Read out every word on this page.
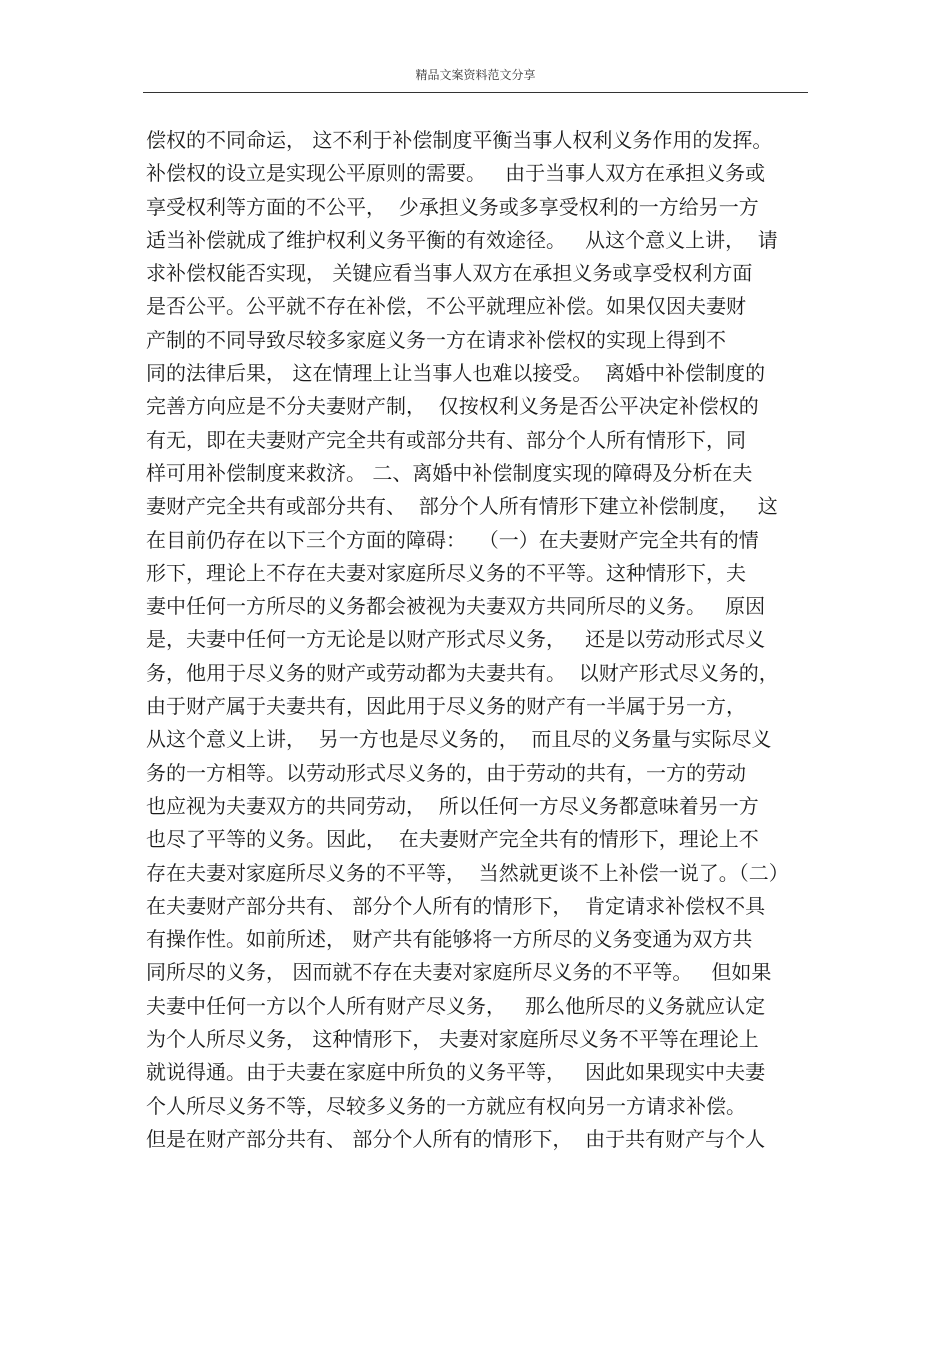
精品文案资料范文分享
偿权的不同命运， 这不利于补偿制度平衡当事人权利义务作用的发挥。
补偿权的设立是实现公平原则的需要。   由于当事人双方在承担义务或
享受权利等方面的不公平，  少承担义务或多享受权利的一方给另一方
适当补偿就成了维护权利义务平衡的有效途径。   从这个意义上讲，  请
求补偿权能否实现， 关键应看当事人双方在承担义务或享受权利方面
是否公平。公平就不存在补偿，不公平就理应补偿。如果仅因夫妻财
产制的不同导致尽较多家庭义务一方在请求补偿权的实现上得到不
同的法律后果， 这在情理上让当事人也难以接受。  离婚中补偿制度的
完善方向应是不分夫妻财产制，  仅按权利义务是否公平决定补偿权的
有无，即在夫妻财产完全共有或部分共有、部分个人所有情形下，同
样可用补偿制度来救济。 二、离婚中补偿制度实现的障碍及分析在夫
妻财产完全共有或部分共有、  部分个人所有情形下建立补偿制度，   这
在目前仍存在以下三个方面的障碍：  （一）在夫妻财产完全共有的情
形下，理论上不存在夫妻对家庭所尽义务的不平等。这种情形下，夫
妻中任何一方所尽的义务都会被视为夫妻双方共同所尽的义务。   原因
是，夫妻中任何一方无论是以财产形式尽义务，   还是以劳动形式尽义
务，他用于尽义务的财产或劳动都为夫妻共有。  以财产形式尽义务的，
由于财产属于夫妻共有，因此用于尽义务的财产有一半属于另一方，
从这个意义上讲，  另一方也是尽义务的，  而且尽的义务量与实际尽义
务的一方相等。以劳动形式尽义务的，由于劳动的共有，一方的劳动
也应视为夫妻双方的共同劳动，  所以任何一方尽义务都意味着另一方
也尽了平等的义务。因此，  在夫妻财产完全共有的情形下，理论上不
存在夫妻对家庭所尽义务的不平等，  当然就更谈不上补偿一说了。（二）
在夫妻财产部分共有、 部分个人所有的情形下，  肯定请求补偿权不具
有操作性。如前所述， 财产共有能够将一方所尽的义务变通为双方共
同所尽的义务， 因而就不存在夫妻对家庭所尽义务的不平等。   但如果
夫妻中任何一方以个人所有财产尽义务，   那么他所尽的义务就应认定
为个人所尽义务， 这种情形下， 夫妻对家庭所尽义务不平等在理论上
就说得通。由于夫妻在家庭中所负的义务平等，   因此如果现实中夫妻
个人所尽义务不等，尽较多义务的一方就应有权向另一方请求补偿。
但是在财产部分共有、 部分个人所有的情形下，  由于共有财产与个人
